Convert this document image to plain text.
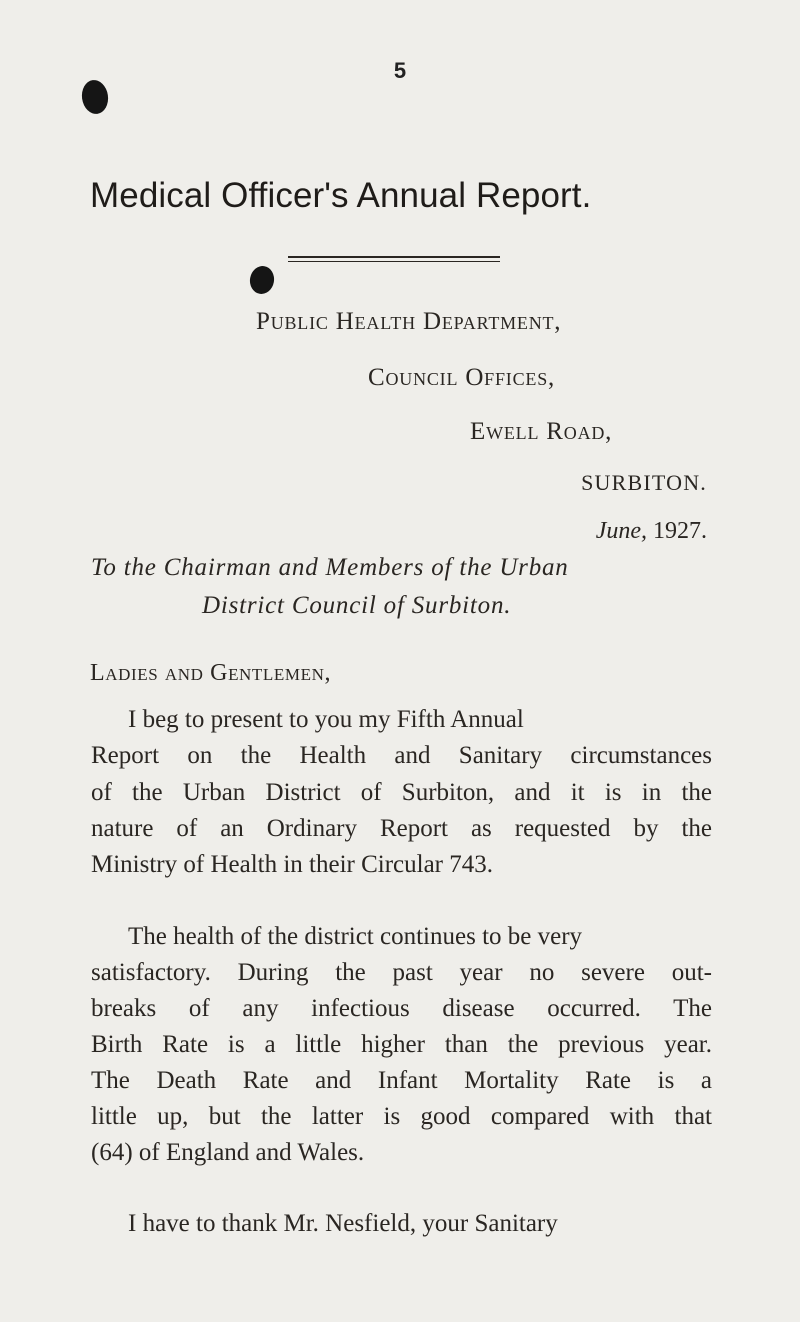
5
Medical Officer's Annual Report.
Public Health Department,
Council Offices,
Ewell Road,
SURBITON.
June, 1927.
To the Chairman and Members of the Urban
District Council of Surbiton.
Ladies and Gentlemen,
I beg to present to you my Fifth Annual
Report on the Health and Sanitary circumstances
of the Urban District of Surbiton, and it is in the
nature of an Ordinary Report as requested by the
Ministry of Health in their Circular 743.
The health of the district continues to be very
satisfactory. During the past year no severe out-
breaks of any infectious disease occurred. The
Birth Rate is a little higher than the previous year.
The Death Rate and Infant Mortality Rate is a
little up, but the latter is good compared with that
(64) of England and Wales.
I have to thank Mr. Nesfield, your Sanitary
